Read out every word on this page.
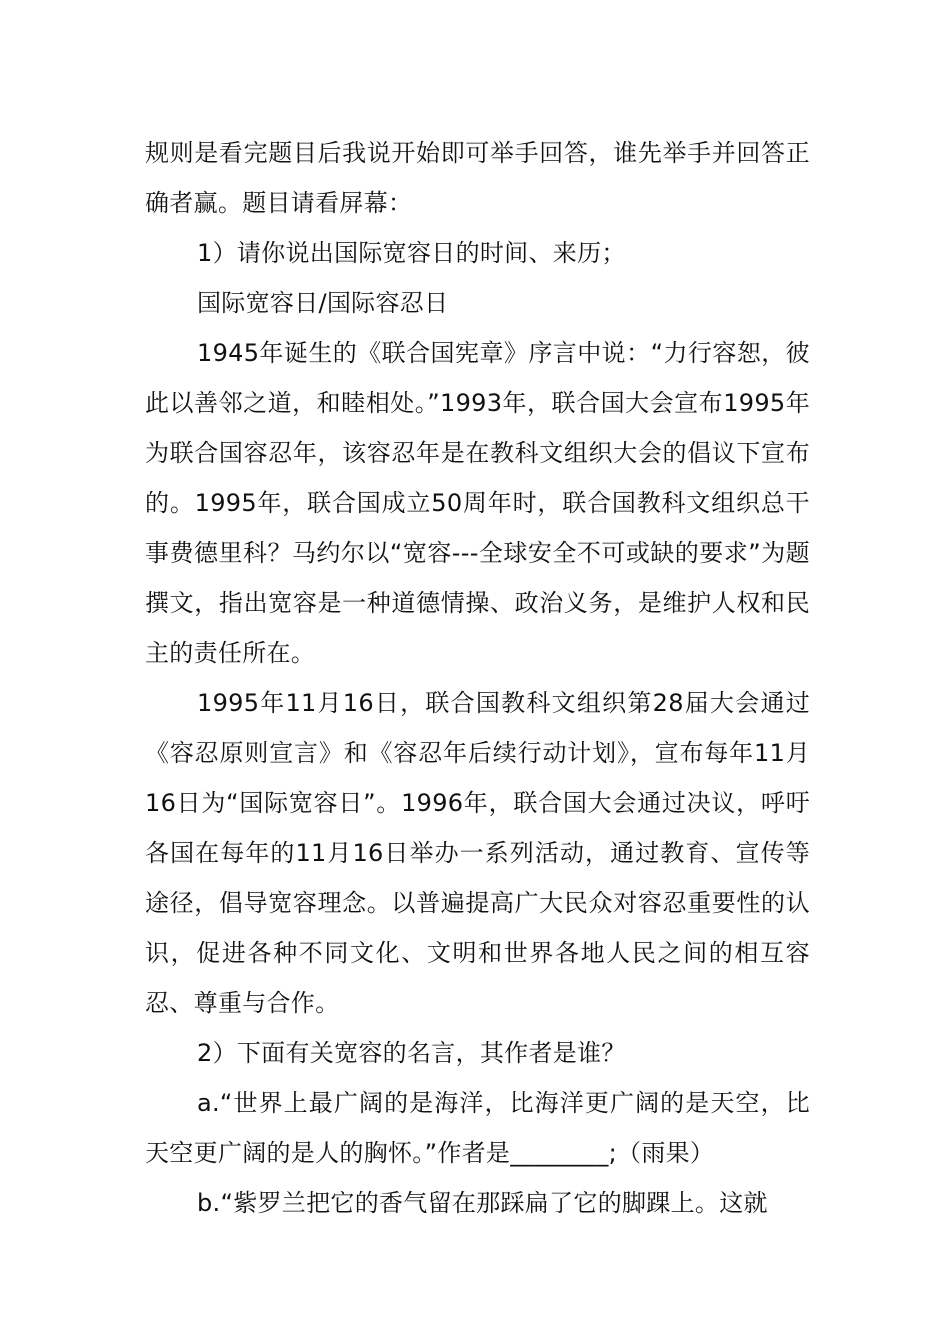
规则是看完题目后我说开始即可举手回答，谁先举手并回答正确者赢。题目请看屏幕：

1）请你说出国际宽容日的时间、来历；

国际宽容日/国际容忍日

1945年诞生的《联合国宪章》序言中说：“力行容恕，彼此以善邻之道，和睦相处。”1993年，联合国大会宣布1995年为联合国容忍年，该容忍年是在教科文组织大会的倡议下宣布的。1995年，联合国成立50周年时，联合国教科文组织总干事费德里科？马约尔以“宽容---全球安全不可或缺的要求”为题撰文，指出宽容是一种道德情操、政治义务，是维护人权和民主的责任所在。

1995年11月16日，联合国教科文组织第28届大会通过《容忍原则宣言》和《容忍年后续行动计划》，宣布每年11月16日为“国际宽容日”。1996年，联合国大会通过决议，呼吁各国在每年的11月16日举办一系列活动，通过教育、宣传等途径，倡导宽容理念。以普遍提高广大民众对容忍重要性的认识，促进各种不同文化、文明和世界各地人民之间的相互容忍、尊重与合作。

2）下面有关宽容的名言，其作者是谁？

a.“世界上最广阔的是海洋，比海洋更广阔的是天空，比天空更广阔的是人的胸怀。”作者是________;（雨果）

b.“紫罗兰把它的香气留在那踩扁了它的脚踝上。这就
